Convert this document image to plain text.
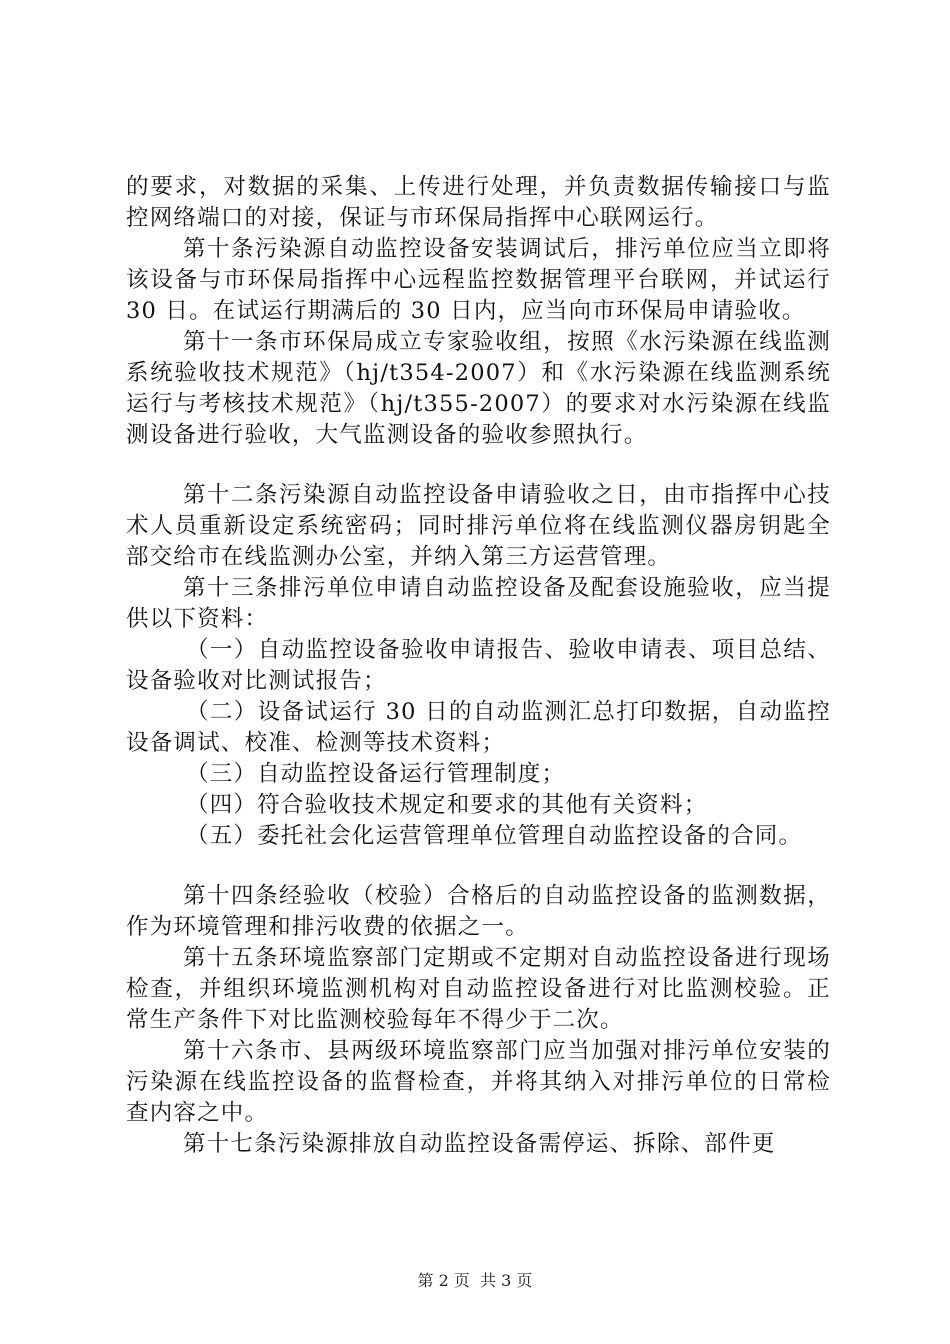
的要求，对数据的采集、上传进行处理，并负责数据传输接口与监控网络端口的对接，保证与市环保局指挥中心联网运行。

第十条污染源自动监控设备安装调试后，排污单位应当立即将该设备与市环保局指挥中心远程监控数据管理平台联网，并试运行 30 日。在试运行期满后的 30 日内，应当向市环保局申请验收。

第十一条市环保局成立专家验收组，按照《水污染源在线监测系统验收技术规范》（hj/t354-2007）和《水污染源在线监测系统运行与考核技术规范》（hj/t355-2007）的要求对水污染源在线监测设备进行验收，大气监测设备的验收参照执行。

第十二条污染源自动监控设备申请验收之日，由市指挥中心技术人员重新设定系统密码；同时排污单位将在线监测仪器房钥匙全部交给市在线监测办公室，并纳入第三方运营管理。

第十三条排污单位申请自动监控设备及配套设施验收，应当提供以下资料：

（一）自动监控设备验收申请报告、验收申请表、项目总结、设备验收对比测试报告；

（二）设备试运行 30 日的自动监测汇总打印数据，自动监控设备调试、校准、检测等技术资料；

（三）自动监控设备运行管理制度；

（四）符合验收技术规定和要求的其他有关资料；

（五）委托社会化运营管理单位管理自动监控设备的合同。

第十四条经验收（校验）合格后的自动监控设备的监测数据，作为环境管理和排污收费的依据之一。

第十五条环境监察部门定期或不定期对自动监控设备进行现场检查，并组织环境监测机构对自动监控设备进行对比监测校验。正常生产条件下对比监测校验每年不得少于二次。

第十六条市、县两级环境监察部门应当加强对排污单位安装的污染源在线监控设备的监督检查，并将其纳入对排污单位的日常检查内容之中。

第十七条污染源排放自动监控设备需停运、拆除、部件更

第 2 页  共 3 页
